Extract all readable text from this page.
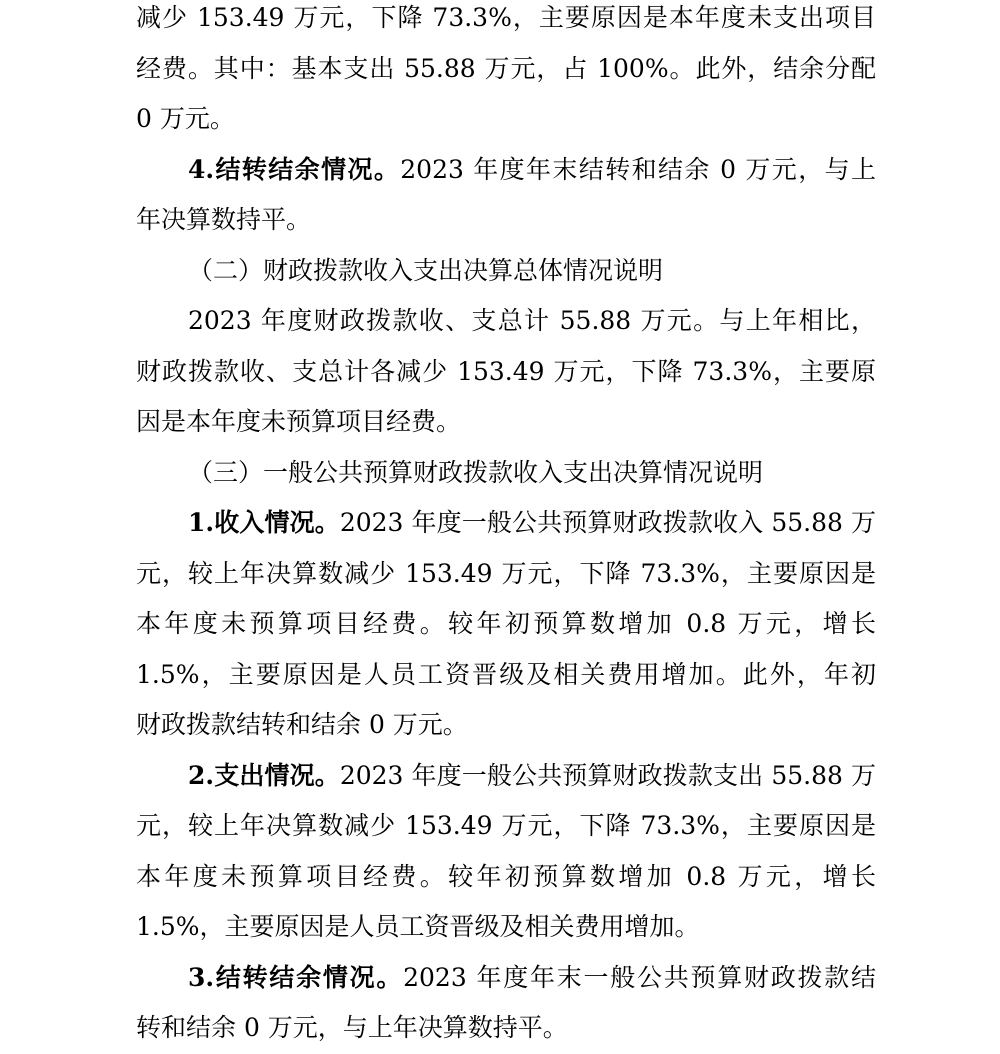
减少 153.49 万元，下降 73.3%，主要原因是本年度未支出项目
经费。其中：基本支出 55.88 万元，占 100%。此外，结余分配
0 万元。
4.结转结余情况。2023 年度年末结转和结余 0 万元，与上
年决算数持平。
（二）财政拨款收入支出决算总体情况说明
2023 年度财政拨款收、支总计 55.88 万元。与上年相比，
财政拨款收、支总计各减少 153.49 万元，下降 73.3%，主要原
因是本年度未预算项目经费。
（三）一般公共预算财政拨款收入支出决算情况说明
1.收入情况。2023 年度一般公共预算财政拨款收入 55.88 万
元，较上年决算数减少 153.49 万元，下降 73.3%，主要原因是
本年度未预算项目经费。较年初预算数增加 0.8 万元，增长
1.5%，主要原因是人员工资晋级及相关费用增加。此外，年初
财政拨款结转和结余 0 万元。
2.支出情况。2023 年度一般公共预算财政拨款支出 55.88 万
元，较上年决算数减少 153.49 万元，下降 73.3%，主要原因是
本年度未预算项目经费。较年初预算数增加 0.8 万元，增长
1.5%，主要原因是人员工资晋级及相关费用增加。
3.结转结余情况。2023 年度年末一般公共预算财政拨款结
转和结余 0 万元，与上年决算数持平。
